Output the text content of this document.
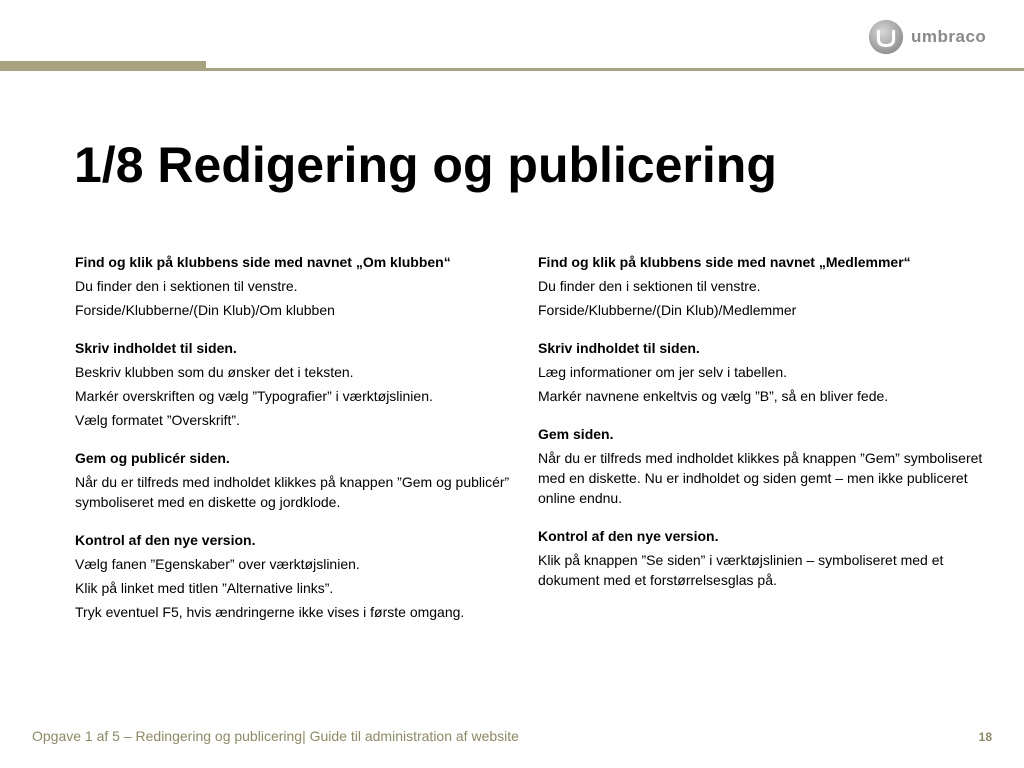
umbraco
1/8 Redigering og publicering

Find og klik på klubbens side med navnet „Om klubben“

Du finder den i sektionen til venstre.

Forside/Klubberne/(Din Klub)/Om klubben

Skriv indholdet til siden.

Beskriv klubben som du ønsker det i teksten.

Markér overskriften og vælg ”Typografier” i værktøjslinien.

Vælg formatet ”Overskrift”.

Gem og publicér siden.

Når du er tilfreds med indholdet klikkes på knappen ”Gem og publicér” symboliseret med en diskette og jordklode.

Kontrol af den nye version.

Vælg fanen ”Egenskaber” over værktøjslinien.

Klik på linket med titlen ”Alternative links”.

Tryk eventuel F5, hvis ændringerne ikke vises i første omgang.

Find og klik på klubbens side med navnet „Medlemmer“

Du finder den i sektionen til venstre.

Forside/Klubberne/(Din Klub)/Medlemmer

Skriv indholdet til siden.

Læg informationer om jer selv i tabellen.

Markér navnene enkeltvis og vælg ”B”, så en bliver fede.

Gem siden.

Når du er tilfreds med indholdet klikkes på knappen ”Gem” symboliseret med en diskette. Nu er indholdet og siden gemt – men ikke publiceret online endnu.

Kontrol af den nye version.

Klik på knappen ”Se siden” i værktøjslinien – symboliseret med et dokument med et forstørrelsesglas på.

Opgave 1 af 5 – Redingering og publicering| Guide til administration af website	18
